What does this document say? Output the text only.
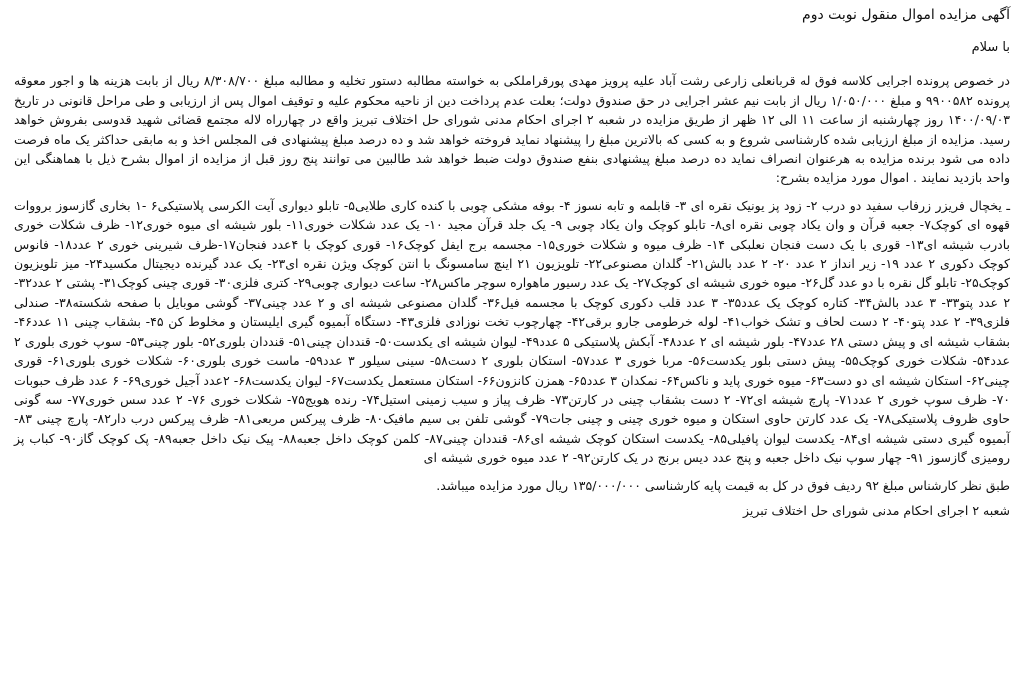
آگهی مزایده اموال منقول نوبت دوم
با سلام

در خصوص پرونده اجرایی کلاسه فوق له قربانعلی زارعی رشت آباد علیه پرویز مهدی پورقراملکی به خواسته مطالبه دستور تخلیه و مطالبه مبلغ ۸/۳۰۸/۷۰۰ ریال از بابت هزینه ها و اجور معوقه پرونده ۹۹۰۰۵۸۲ و مبلغ ۱/۰۵۰/۰۰۰ ریال از بابت نیم عشر اجرایی در حق صندوق دولت؛ بعلت عدم پرداخت دین از ناحیه محکوم علیه و توقیف اموال پس از ارزیابی و طی مراحل قانونی در تاریخ ۱۴۰۰/۰۹/۰۳ روز چهارشنبه از ساعت ۱۱ الی ۱۲ ظهر از طریق مزایده در شعبه ۲ اجرای احکام مدنی شورای حل اختلاف تبریز واقع در چهارراه لاله مجتمع قضائی شهید قدوسی بفروش خواهد رسید. مزایده از مبلغ ارزیابی شده کارشناسی شروع و به کسی که بالاترین مبلغ را پیشنهاد نماید فروخته خواهد شد و ده درصد مبلغ پیشنهادی فی المجلس اخذ و به مابقی حداکثر یک ماه فرصت داده می شود برنده مزایده به هرعنوان انصراف نماید ده درصد مبلغ پیشنهادی بنفع صندوق دولت ضبط خواهد شد طالبین می توانند پنج روز قبل از مزایده از اموال بشرح ذیل با هماهنگی این واحد بازدید نمایند . اموال مورد مزایده بشرح:

ـ یخچال فریزر زرفاب سفید دو درب ۲- زود پز یونیک نقره ای ۳- قابلمه و تابه نسوز ۴- بوفه مشکی چوبی با کنده کاری طلایی۵- تابلو دیواری آیت الکرسی پلاستیکی۶ -۱ بخاری گازسوز برووات قهوه ای کوچک۷- جعبه قرآن و وان یکاد چوبی نقره ای۸- تابلو کوچک وان یکاد چوبی ۹- یک جلد قرآن مجید ۱۰- یک عدد شکلات خوری۱۱- بلور شیشه ای میوه خوری۱۲- ظرف شکلات خوری بادرب شیشه ای۱۳- قوری با یک دست فنجان نعلبکی ۱۴- ظرف میوه و شکلات خوری۱۵- مجسمه برج ایفل کوچک۱۶- قوری کوچک با ۴عدد فنجان۱۷-ظرف شیرینی خوری ۲ عدد۱۸- فانوس کوچک دکوری ۲ عدد ۱۹- زیر انداز ۲ عدد ۲۰- ۲ عدد بالش۲۱- گلدان مصنوعی۲۲- تلویزیون ۲۱ اینچ سامسونگ با انتن کوچک ویژن نقره ای۲۳- یک عدد گیرنده دیجیتال مکسید۲۴- میز تلویزیون کوچک۲۵- تابلو گل نقره با دو عدد گل۲۶- میوه خوری شیشه ای کوچک۲۷- یک عدد رسیور ماهواره سوچر ماکس۲۸- ساعت دیواری چوبی۲۹- کتری فلزی۳۰- قوری چینی کوچک۳۱- پشتی ۲ عدد۳۲- ۲ عدد پتو۳۳- ۳ عدد بالش۳۴- کتاره کوچک یک عدد۳۵- ۳ عدد قلب دکوری کوچک با مجسمه فیل۳۶- گلدان مصنوعی شیشه ای و ۲ عدد چینی۳۷- گوشی موبایل با صفحه شکسته۳۸- صندلی فلزی۳۹- ۲ عدد پتو۴۰- ۲ دست لحاف و تشک خواب۴۱- لوله خرطومی جارو برقی۴۲- چهارچوب تخت نوزادی فلزی۴۳- دستگاه آبمیوه گیری ایلیستان و مخلوط کن ۴۵- بشقاب چینی ۱۱ عدد۴۶- بشقاب شیشه ای و پیش دستی ۲۸ عدد۴۷- بلور شیشه ای ۲ عدد۴۸- آبکش پلاستیکی ۵ عدد۴۹- لیوان شیشه ای یکدست۵۰- قنددان چینی۵۱- قنددان بلوری۵۲- بلور چینی۵۳- سوپ خوری بلوری ۲ عدد۵۴- شکلات خوری کوچک۵۵- پیش دستی بلور یکدست۵۶- مربا خوری ۳ عدد۵۷- استکان بلوری ۲ دست۵۸- سینی سیلور ۳ عدد۵۹- ماست خوری بلوری۶۰- شکلات خوری بلوری۶۱- قوری چینی۶۲- استکان شیشه ای دو دست۶۳- میوه خوری پاید و ناکس۶۴- نمکدان ۳ عدد۶۵- همزن کانزون۶۶- استکان مستعمل یکدست۶۷- لیوان یکدست۶۸- ۲عدد آجیل خوری۶۹- ۶ عدد ظرف حبوبات ۷۰- ظرف سوپ خوری ۲ عدد۷۱- پارچ شیشه ای۷۲- ۲ دست بشقاب چینی در کارتن۷۳- ظرف پیاز و سیب زمینی استیل۷۴- رنده هویج۷۵- شکلات خوری ۷۶- ۲ عدد سس خوری۷۷- سه گونی حاوی ظروف پلاستیکی۷۸- یک عدد کارتن حاوی استکان و میوه خوری چینی و چینی جات۷۹- گوشی تلفن بی سیم مافیک۸۰- ظرف پیرکس مربعی۸۱- ظرف پیرکس درب دار۸۲- پارچ چینی ۸۳- آبمیوه گیری دستی شیشه ای۸۴- یکدست لیوان پافیلی۸۵- یکدست استکان کوچک شیشه ای۸۶- قنددان چینی۸۷- کلمن کوچک داخل جعبه۸۸- پیک نیک داخل جعبه۸۹- پک کوچک گاز۹۰- کباب پز رومیزی گازسوز ۹۱- چهار سوپ نیک داخل جعبه و پنج عدد دیس برنج در یک کارتن۹۲- ۲ عدد میوه خوری شیشه ای

طبق نظر کارشناس مبلغ ۹۲ ردیف فوق در کل به قیمت پایه کارشناسی ۱۳۵/۰۰۰/۰۰۰ ریال مورد مزایده میباشد.

شعبه ۲ اجرای احکام مدنی شورای حل اختلاف تبریز
